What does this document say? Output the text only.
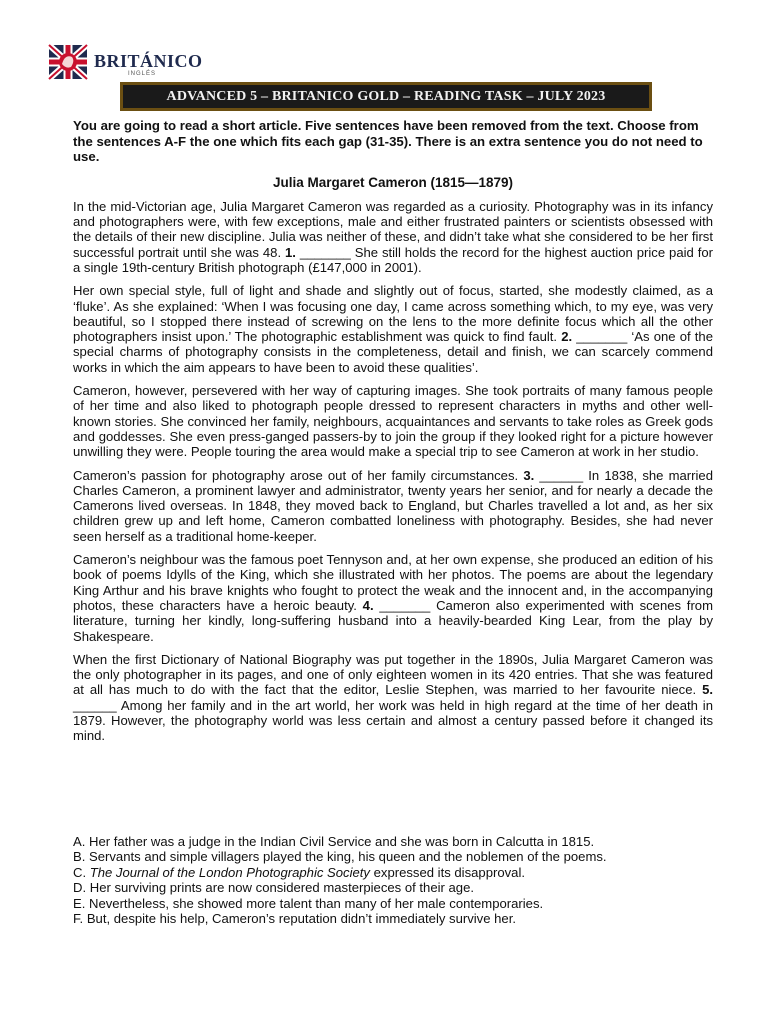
BRITÁNICO
INGLÉS
ADVANCED 5 – BRITANICO GOLD – READING TASK – JULY 2023

You are going to read a short article. Five sentences have been removed from the text. Choose from the sentences A-F the one which fits each gap (31-35). There is an extra sentence you do not need to use.

Julia Margaret Cameron (1815—1879)

In the mid-Victorian age, Julia Margaret Cameron was regarded as a curiosity. Photography was in its infancy and photographers were, with few exceptions, male and either frustrated painters or scientists obsessed with the details of their new discipline. Julia was neither of these, and didn’t take what she considered to be her first successful portrait until she was 48. 1. _______ She still holds the record for the highest auction price paid for a single 19th-century British photograph (£147,000 in 2001).

Her own special style, full of light and shade and slightly out of focus, started, she modestly claimed, as a ‘fluke’. As she explained: ‘When I was focusing one day, I came across something which, to my eye, was very beautiful, so I stopped there instead of screwing on the lens to the more definite focus which all the other photographers insist upon.’ The photographic establishment was quick to find fault. 2. _______ ‘As one of the special charms of photography consists in the completeness, detail and finish, we can scarcely commend works in which the aim appears to have been to avoid these qualities’.

Cameron, however, persevered with her way of capturing images. She took portraits of many famous people of her time and also liked to photograph people dressed to represent characters in myths and other well-known stories. She convinced her family, neighbours, acquaintances and servants to take roles as Greek gods and goddesses. She even press-ganged passers-by to join the group if they looked right for a picture however unwilling they were. People touring the area would make a special trip to see Cameron at work in her studio.

Cameron’s passion for photography arose out of her family circumstances. 3. ______ In 1838, she married Charles Cameron, a prominent lawyer and administrator, twenty years her senior, and for nearly a decade the Camerons lived overseas. In 1848, they moved back to England, but Charles travelled a lot and, as her six children grew up and left home, Cameron combatted loneliness with photography. Besides, she had never seen herself as a traditional home-keeper.

Cameron’s neighbour was the famous poet Tennyson and, at her own expense, she produced an edition of his book of poems Idylls of the King, which she illustrated with her photos. The poems are about the legendary King Arthur and his brave knights who fought to protect the weak and the innocent and, in the accompanying photos, these characters have a heroic beauty. 4. _______ Cameron also experimented with scenes from literature, turning her kindly, long-suffering husband into a heavily-bearded King Lear, from the play by Shakespeare.

When the first Dictionary of National Biography was put together in the 1890s, Julia Margaret Cameron was the only photographer in its pages, and one of only eighteen women in its 420 entries. That she was featured at all has much to do with the fact that the editor, Leslie Stephen, was married to her favourite niece. 5. ______ Among her family and in the art world, her work was held in high regard at the time of her death in 1879. However, the photography world was less certain and almost a century passed before it changed its mind.

A. Her father was a judge in the Indian Civil Service and she was born in Calcutta in 1815.
B. Servants and simple villagers played the king, his queen and the noblemen of the poems.
C. The Journal of the London Photographic Society expressed its disapproval.
D. Her surviving prints are now considered masterpieces of their age.
E. Nevertheless, she showed more talent than many of her male contemporaries.
F. But, despite his help, Cameron’s reputation didn’t immediately survive her.
